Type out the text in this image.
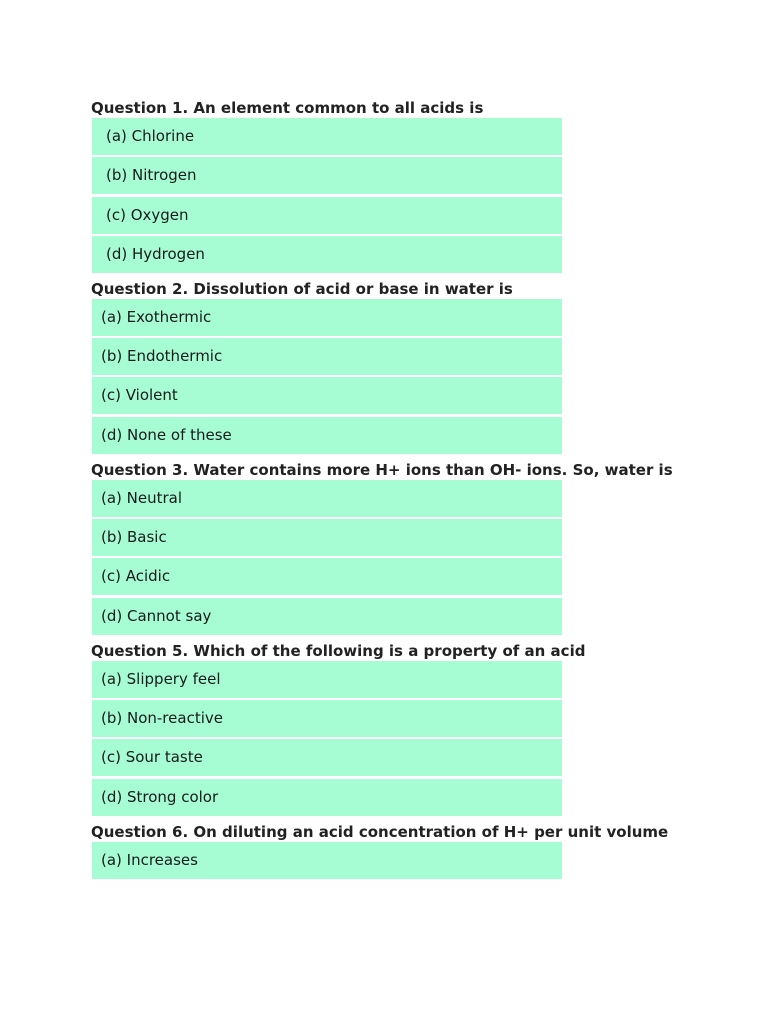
Question 1. An element common to all acids is
(a) Chlorine
(b) Nitrogen
(c) Oxygen
(d) Hydrogen
Question 2. Dissolution of acid or base in water is
(a) Exothermic
(b) Endothermic
(c) Violent
(d) None of these
Question 3. Water contains more H+ ions than OH- ions. So, water is
(a) Neutral
(b) Basic
(c) Acidic
(d) Cannot say
Question 5. Which of the following is a property of an acid
(a) Slippery feel
(b) Non-reactive
(c) Sour taste
(d) Strong color
Question 6. On diluting an acid concentration of H+ per unit volume
(a) Increases
